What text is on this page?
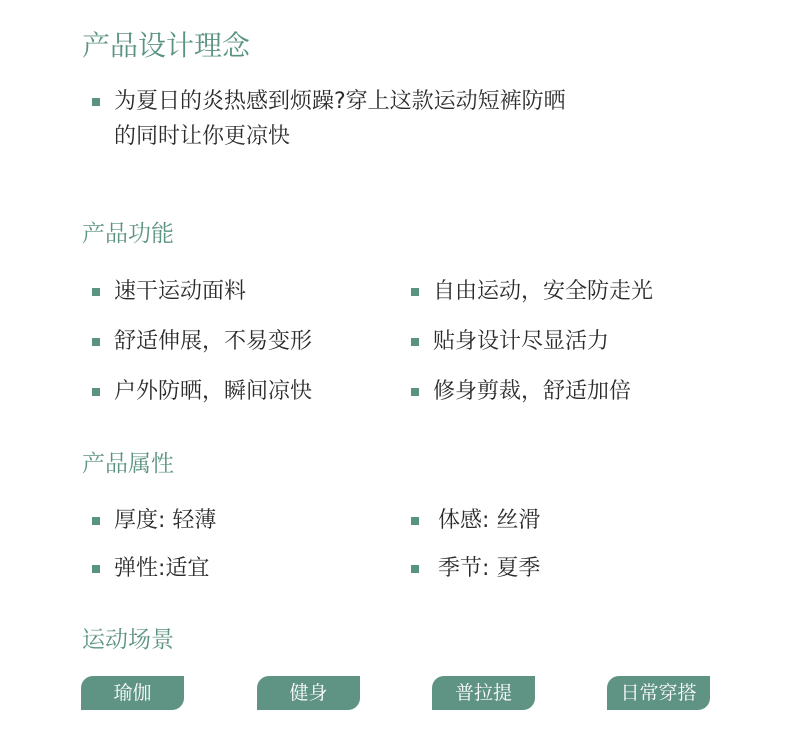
产品设计理念
为夏日的炎热感到烦躁?穿上这款运动短裤防晒
的同时让你更凉快
产品功能
速干运动面料	自由运动，安全防走光
舒适伸展，不易变形	贴身设计尽显活力
户外防晒，瞬间凉快	修身剪裁，舒适加倍
产品属性
厚度: 轻薄	体感: 丝滑
弹性:适宜	季节: 夏季
运动场景
瑜伽	健身	普拉提	日常穿搭
